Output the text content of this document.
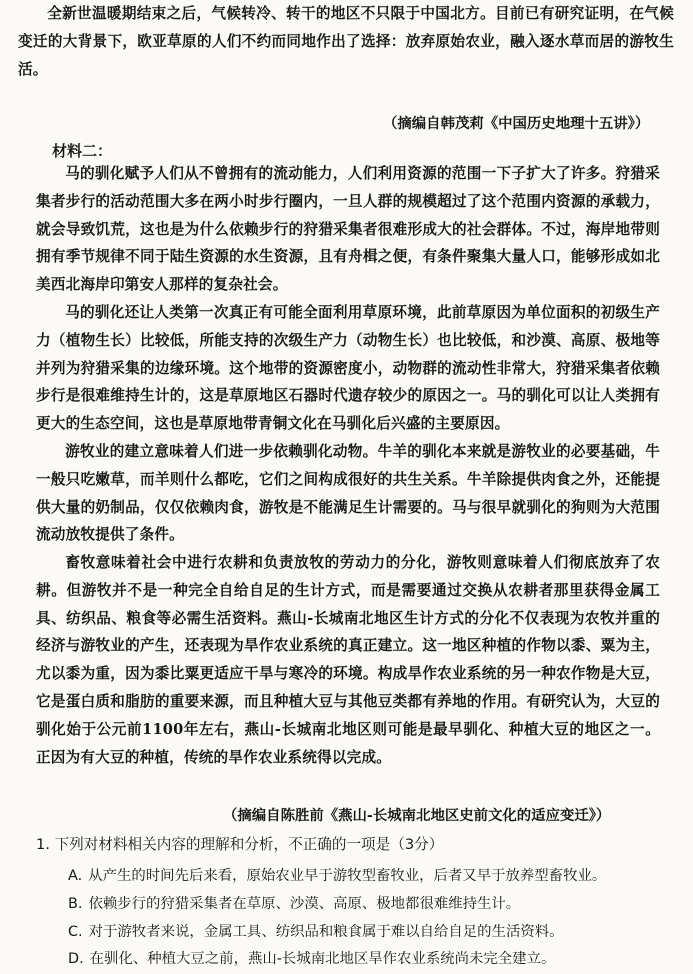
全新世温暖期结束之后，气候转冷、转干的地区不只限于中国北方。目前已有研究证明，在气候变迁的大背景下，欧亚草原的人们不约而同地作出了选择：放弃原始农业，融入逐水草而居的游牧生活。

（摘编自韩茂莉《中国历史地理十五讲》）
材料二：

马的驯化赋予人们从不曾拥有的流动能力，人们利用资源的范围一下子扩大了许多。狩猎采集者步行的活动范围大多在两小时步行圈内，一旦人群的规模超过了这个范围内资源的承载力，就会导致饥荒，这也是为什么依赖步行的狩猎采集者很难形成大的社会群体。不过，海岸地带则拥有季节规律不同于陆生资源的水生资源，且有舟楫之便，有条件聚集大量人口，能够形成如北美西北海岸印第安人那样的复杂社会。

马的驯化还让人类第一次真正有可能全面利用草原环境，此前草原因为单位面积的初级生产力（植物生长）比较低，所能支持的次级生产力（动物生长）也比较低，和沙漠、高原、极地等并列为狩猎采集的边缘环境。这个地带的资源密度小，动物群的流动性非常大，狩猎采集者依赖步行是很难维持生计的，这是草原地区石器时代遗存较少的原因之一。马的驯化可以让人类拥有更大的生态空间，这也是草原地带青铜文化在马驯化后兴盛的主要原因。

游牧业的建立意味着人们进一步依赖驯化动物。牛羊的驯化本来就是游牧业的必要基础，牛一般只吃嫩草，而羊则什么都吃，它们之间构成很好的共生关系。牛羊除提供肉食之外，还能提供大量的奶制品，仅仅依赖肉食，游牧是不能满足生计需要的。马与很早就驯化的狗则为大范围流动放牧提供了条件。

畜牧意味着社会中进行农耕和负责放牧的劳动力的分化，游牧则意味着人们彻底放弃了农耕。但游牧并不是一种完全自给自足的生计方式，而是需要通过交换从农耕者那里获得金属工具、纺织品、粮食等必需生活资料。燕山-长城南北地区生计方式的分化不仅表现为农牧并重的经济与游牧业的产生，还表现为旱作农业系统的真正建立。这一地区种植的作物以黍、粟为主，尤以黍为重，因为黍比粟更适应干旱与寒冷的环境。构成旱作农业系统的另一种农作物是大豆，它是蛋白质和脂肪的重要来源，而且种植大豆与其他豆类都有养地的作用。有研究认为，大豆的驯化始于公元前1100年左右，燕山-长城南北地区则可能是最早驯化、种植大豆的地区之一。正因为有大豆的种植，传统的旱作农业系统得以完成。

（摘编自陈胜前《燕山-长城南北地区史前文化的适应变迁》）
1. 下列对材料相关内容的理解和分析，不正确的一项是（3分）
A. 从产生的时间先后来看，原始农业早于游牧型畜牧业，后者又早于放养型畜牧业。
B. 依赖步行的狩猎采集者在草原、沙漠、高原、极地都很难维持生计。
C. 对于游牧者来说，金属工具、纺织品和粮食属于难以自给自足的生活资料。
D. 在驯化、种植大豆之前，燕山-长城南北地区旱作农业系统尚未完全建立。
